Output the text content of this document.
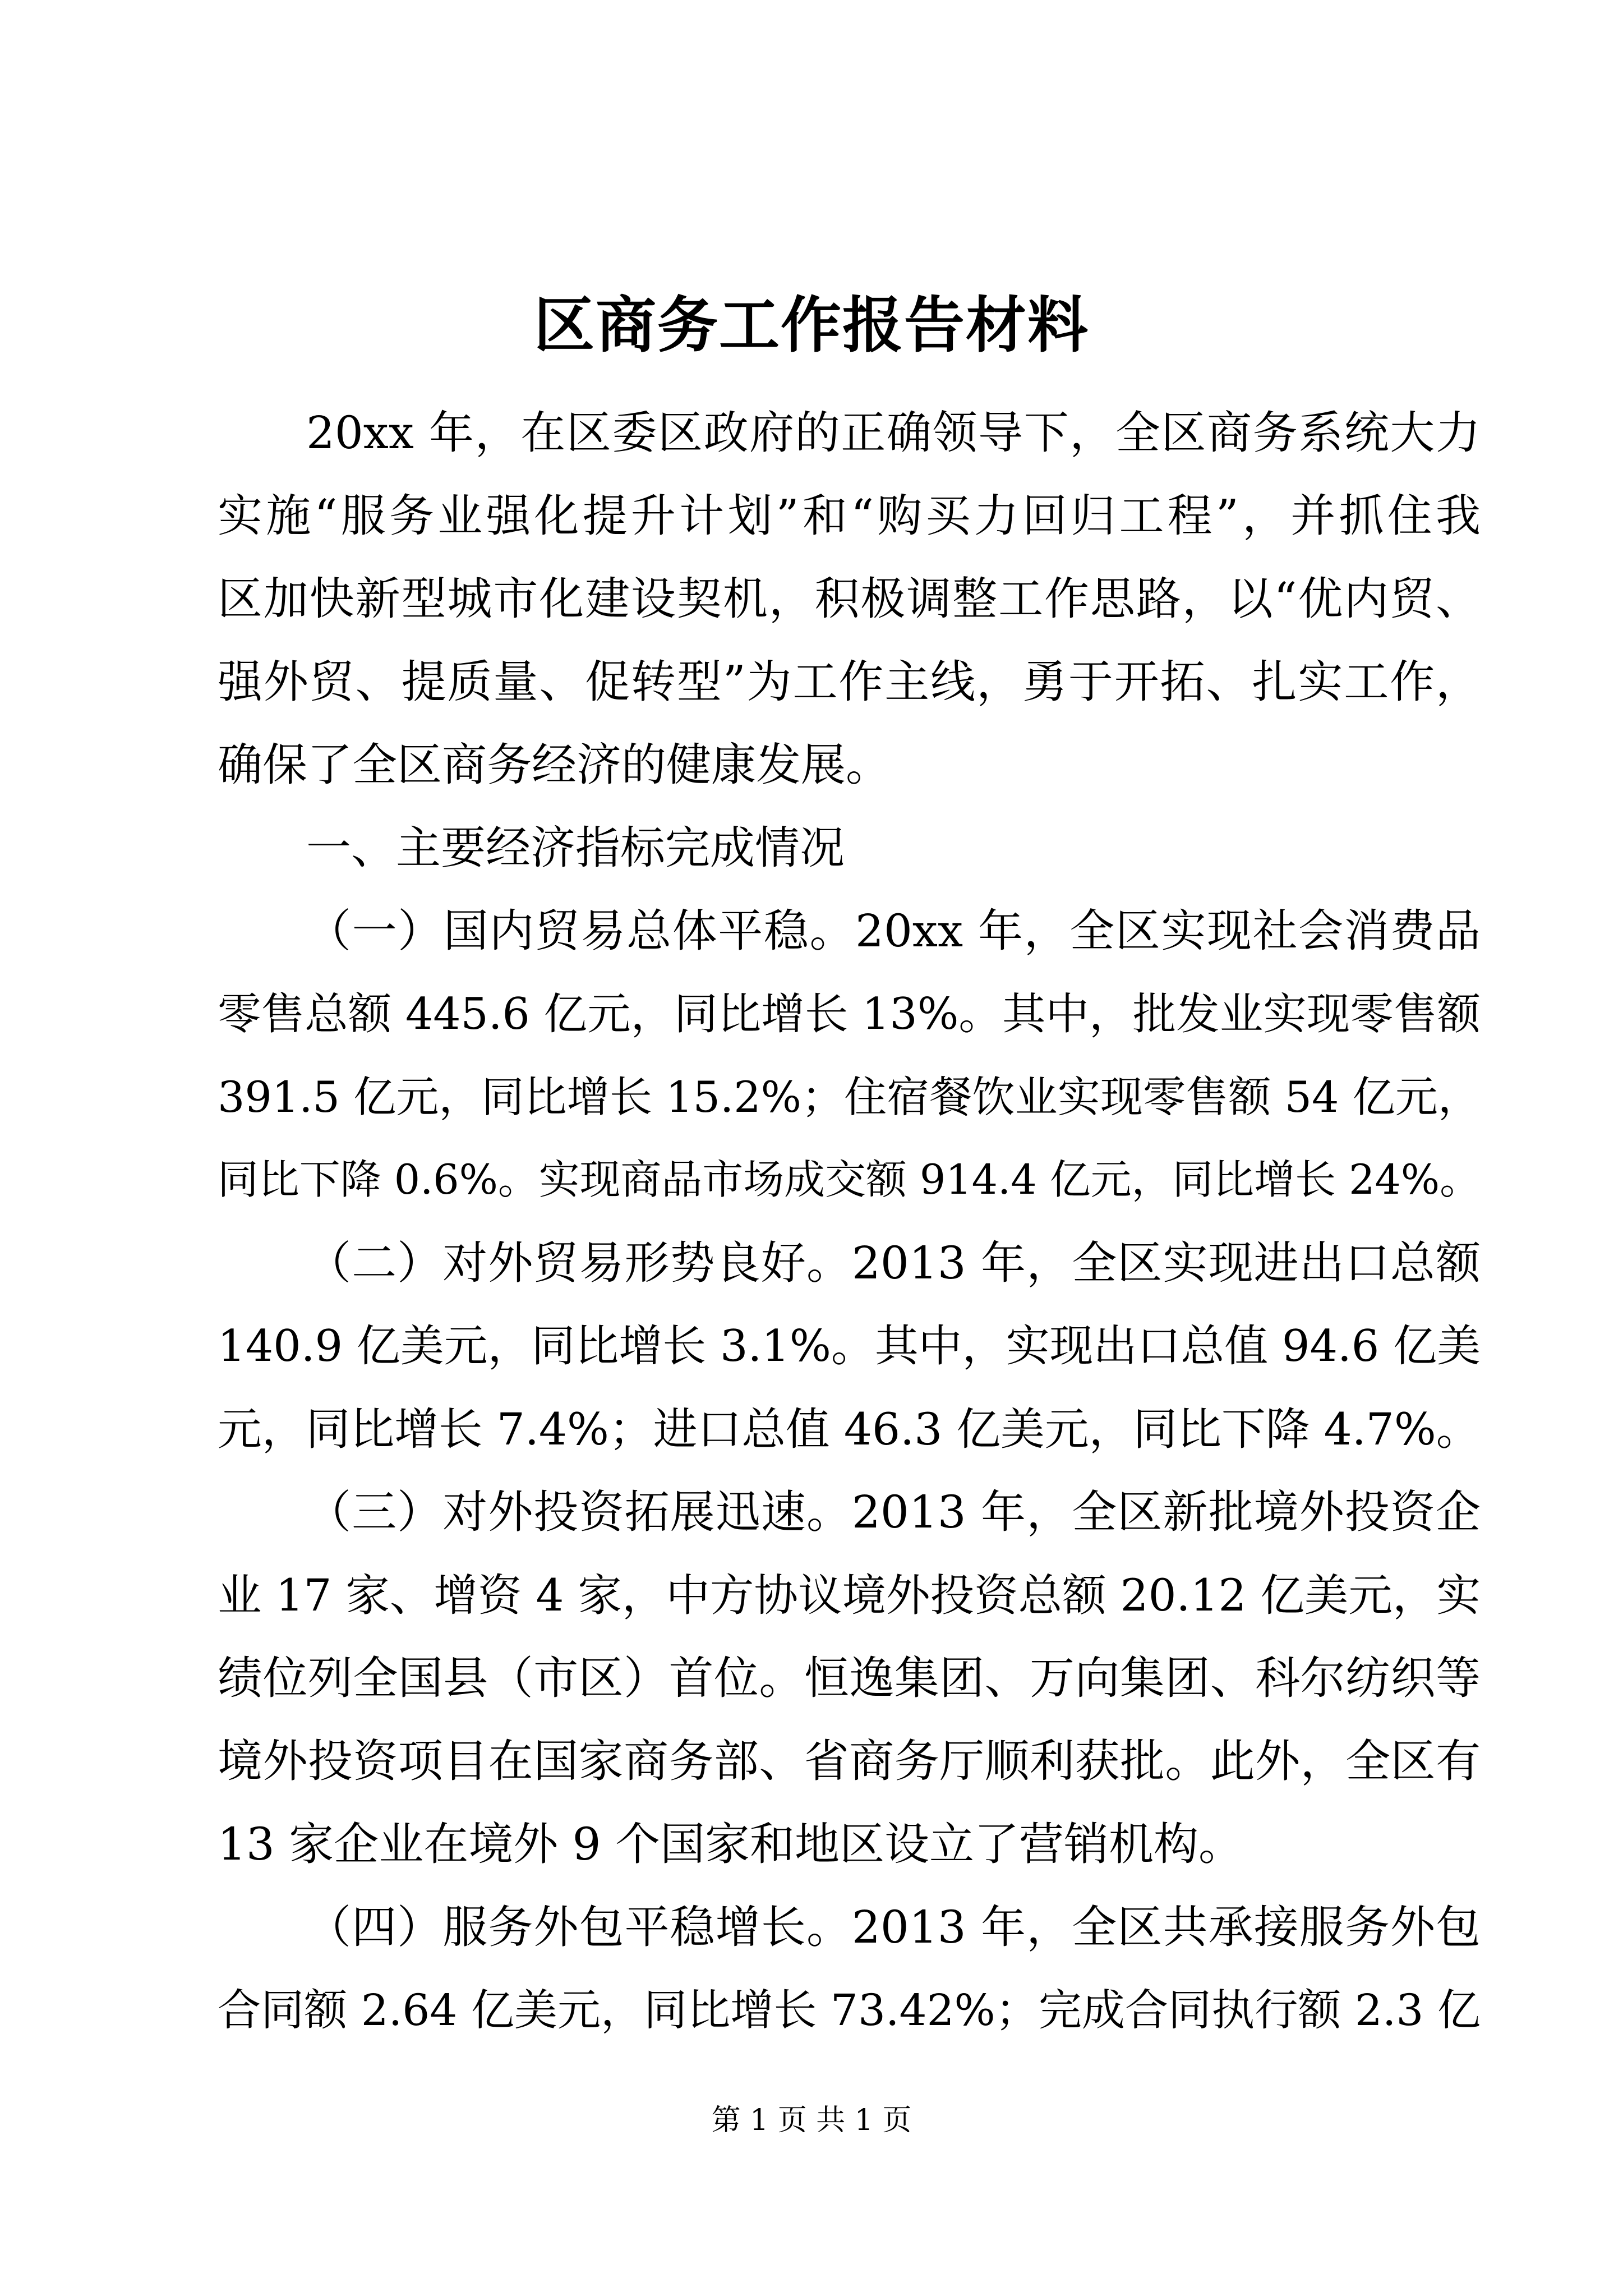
区商务工作报告材料
20xx 年，在区委区政府的正确领导下，全区商务系统大力
实施“服务业强化提升计划”和“购买力回归工程”，并抓住我
区加快新型城市化建设契机，积极调整工作思路，以“优内贸、
强外贸、提质量、促转型”为工作主线，勇于开拓、扎实工作，
确保了全区商务经济的健康发展。
一、主要经济指标完成情况
（一）国内贸易总体平稳。20xx 年，全区实现社会消费品
零售总额 445.6 亿元，同比增长 13%。其中，批发业实现零售额
391.5 亿元，同比增长 15.2%；住宿餐饮业实现零售额 54 亿元，
同比下降 0.6%。实现商品市场成交额 914.4 亿元，同比增长 24%。
（二）对外贸易形势良好。2013 年，全区实现进出口总额
140.9 亿美元，同比增长 3.1%。其中，实现出口总值 94.6 亿美
元，同比增长 7.4%；进口总值 46.3 亿美元，同比下降 4.7%。
（三）对外投资拓展迅速。2013 年，全区新批境外投资企
业 17 家、增资 4 家，中方协议境外投资总额 20.12 亿美元，实
绩位列全国县（市区）首位。恒逸集团、万向集团、科尔纺织等
境外投资项目在国家商务部、省商务厅顺利获批。此外，全区有
13 家企业在境外 9 个国家和地区设立了营销机构。
（四）服务外包平稳增长。2013 年，全区共承接服务外包
合同额 2.64 亿美元，同比增长 73.42%；完成合同执行额 2.3 亿
第 1 页 共 1 页
